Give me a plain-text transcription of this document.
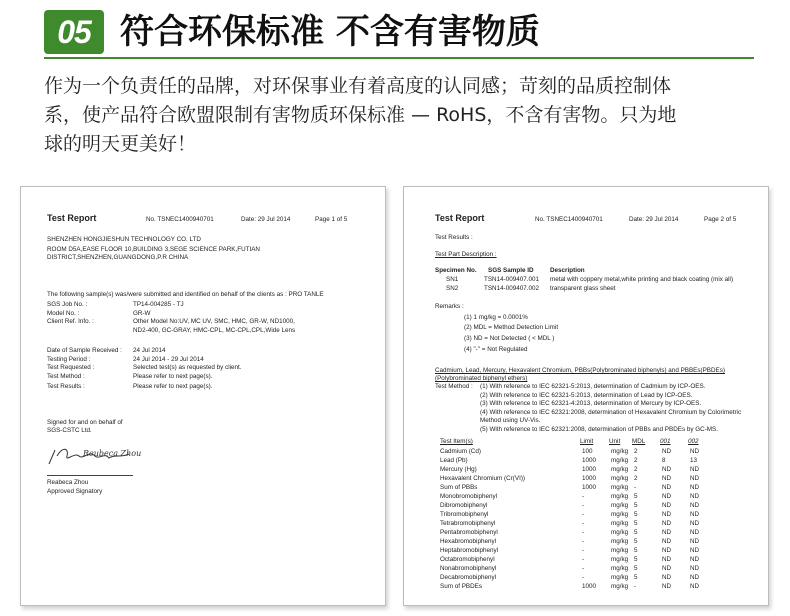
05 符合环保标准 不含有害物质
作为一个负责任的品牌，对环保事业有着高度的认同感；苛刻的品质控制体
系，使产品符合欧盟限制有害物质环保标准 — RoHS，不含有害物。只为地
球的明天更美好！
Test Report	No. TSNEC1400940701	Date: 29 Jul 2014	Page 1 of 5
SHENZHEN HONGJIESHUN TECHNOLOGY CO. LTD
ROOM D5A,EASE FLOOR 10,BUILDING 3,SEGE SCIENCE PARK,FUTIAN
DISTRICT,SHENZHEN,GUANGDONG,P.R CHINA
The following sample(s) was/were submitted and identified on behalf of the clients as : PRO TANLE
SGS Job No. :	TP14-004285 - TJ
Model No. :	GR-W
Client Ref. Info. :	Other Model No:UV, MC UV, SMC, HMC, GR-W, ND1000,
ND2-400, GC-GRAY, HMC-CPL, MC-CPL,CPL,Wide Lens
Date of Sample Received : 24 Jul 2014
Testing Period :	24 Jul 2014 - 29 Jul 2014
Test Requested :	Selected test(s) as requested by client.
Test Method :	Please refer to next page(s).
Test Results :	Please refer to next page(s).
Signed for and on behalf of
SGS-CSTC Ltd.
Reubeca Zhou
Reabeca Zhou
Approved Signatory
Test Report	No. TSNEC1400940701	Date: 29 Jul 2014	Page 2 of 5
Test Results :
Test Part Description :
Specimen No. SGS Sample ID	Description
SN1	TSN14-009407.001 metal with coppery metal,white printing and black coating (mix all)
SN2	TSN14-009407.002 transparent glass sheet
Remarks :
(1) 1 mg/kg = 0.0001%
(2) MDL = Method Detection Limit
(3) ND = Not Detected ( < MDL )
(4) "-" = Not Regulated
Cadmium, Lead, Mercury, Hexavalent Chromium, PBBs(Polybrominated biphenyls) and PBBEs(PBDEs)
(Polybrominated biphenyl ethers)
Test Method : (1) With reference to IEC 62321-5:2013, determination of Cadmium by ICP-OES.
(2) With reference to IEC 62321-5:2013, determination of Lead by ICP-OES.
(3) With reference to IEC 62321-4:2013, determination of Mercury by ICP-OES.
(4) With reference to IEC 62321:2008, determination of Hexavalent Chromium by Colorimetric
Method using UV-Vis.
(5) With reference to IEC 62321:2008, determination of PBBs and PBDEs by GC-MS.
Test Item(s)	Limit Unit MDL 001	002
Cadmium (Cd)	100	mg/kg 2	ND	ND
Lead (Pb)	1000 mg/kg 2	8	13
Mercury (Hg)	1000 mg/kg 2	ND	ND
Hexavalent Chromium (Cr(VI))	1000 mg/kg 2	ND	ND
Sum of PBBs	1000 mg/kg -	ND	ND
Monobromobiphenyl	-	mg/kg 5	ND	ND
Dibromobiphenyl	-	mg/kg 5	ND	ND
Tribromobiphenyl	-	mg/kg 5	ND	ND
Tetrabromobiphenyl	-	mg/kg 5	ND	ND
Pentabromobiphenyl	-	mg/kg 5	ND	ND
Hexabromobiphenyl	-	mg/kg 5	ND	ND
Heptabromobiphenyl	-	mg/kg 5	ND	ND
Octabromobiphenyl	-	mg/kg 5	ND	ND
Nonabromobiphenyl	-	mg/kg 5	ND	ND
Decabromobiphenyl	-	mg/kg 5	ND	ND
Sum of PBDEs	1000 mg/kg -	ND	ND
